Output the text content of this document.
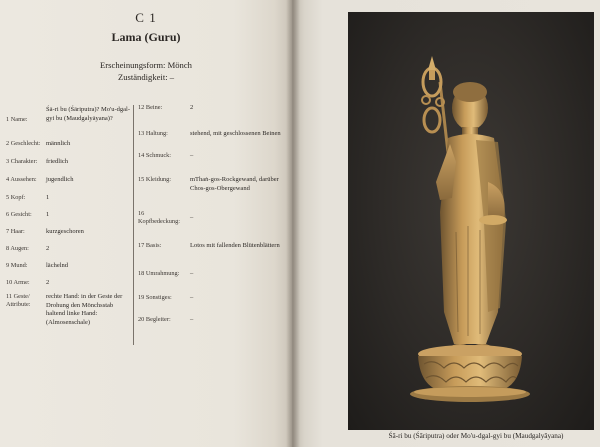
C 1
Lama (Guru)
Erscheinungsform: Mönch
Zuständigkeit: –
1 Name:
Śā-ri bu (Śāriputra)? Mo'u-dgal-gyi bu (Maudgalyāyana)?
2 Geschlecht: männlich
3 Charakter: friedlich
4 Aussehen: jugendlich
5 Kopf:	1
6 Gesicht: 1
7 Haar:	kurzgeschoren
8 Augen:	2
9 Mund:	lächelnd
10 Arme:	2
11 Geste/ Attribute:
rechte Hand: in der Geste der Drohung den Mönchsstab haltend linke Hand: (Almosenschale)
12 Beine:	2
13 Haltung:	stehend, mit geschlossenen Beinen
14 Schmuck:	–
15 Kleidung:	mThaṅ-gos-Rockgewand, darüber Chos-gos-Obergewand
16 Kopfbedeckung:
–
17 Basis:	Lotos mit fallenden Blütenblättern
18 Umrahmung: –
19 Sonstiges:	–
20 Begleiter:	–
Śā-ri bu (Śāriputra) oder Mo'u-dgal-gyi bu (Maudgalyāyana)
